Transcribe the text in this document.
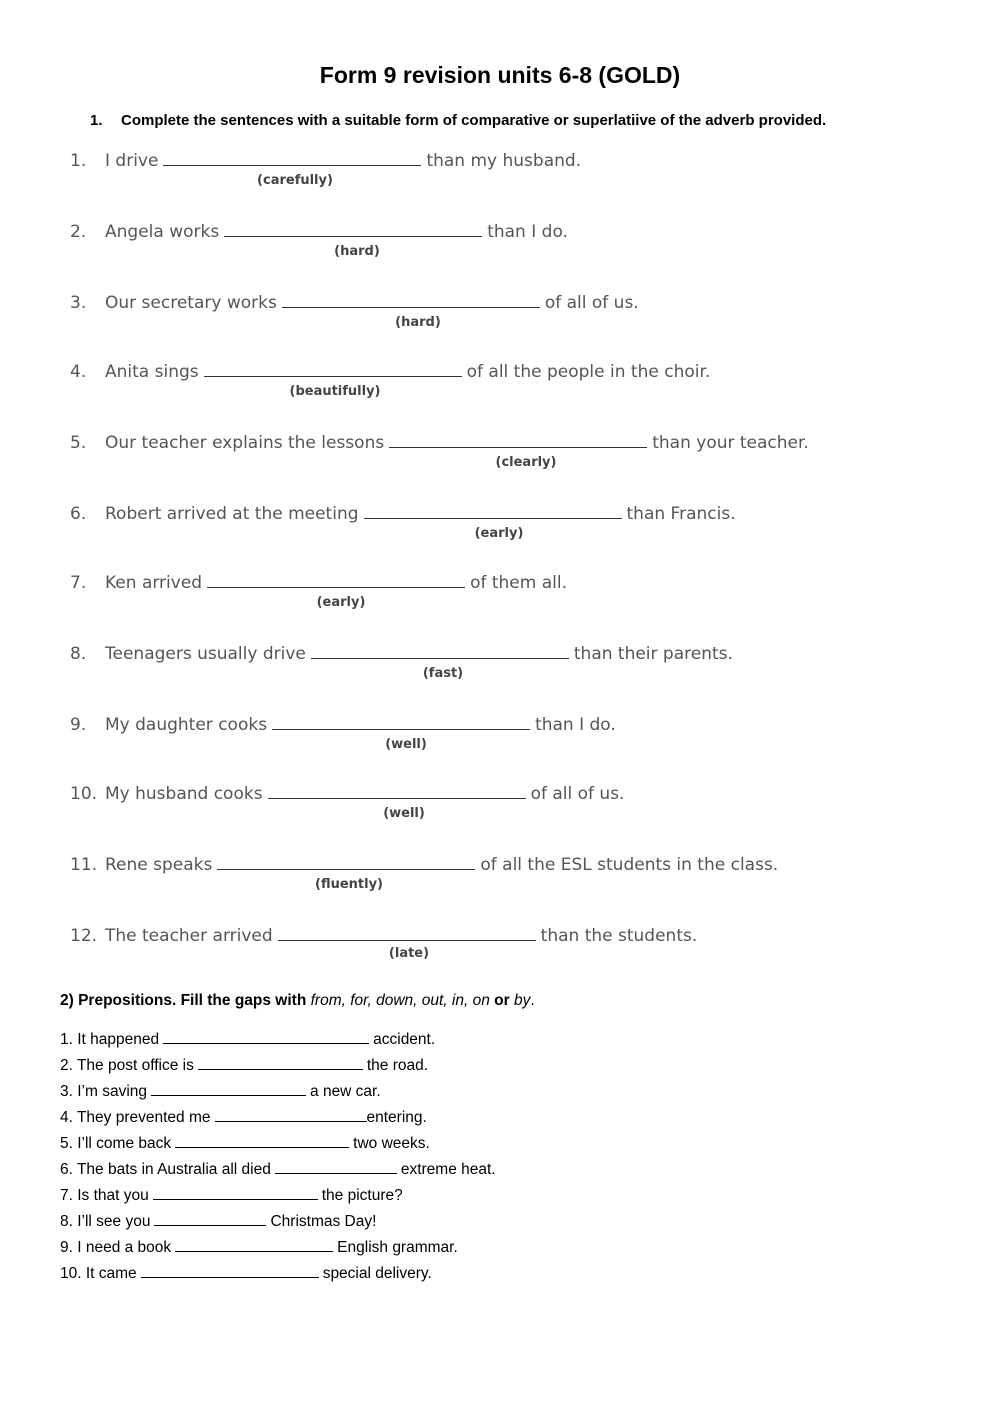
Form 9 revision units 6-8 (GOLD)
1. Complete the sentences with a suitable form of comparative or superlatiive of the adverb provided.
1. I drive	than my husband.
(carefully)
2. Angela works	than I do.
(hard)
3. Our secretary works	of all of us.
(hard)
4. Anita sings	of all the people in the choir.
(beautifully)
5. Our teacher explains the lessons	than your teacher.
(clearly)
6. Robert arrived at the meeting	than Francis.
(early)
7. Ken arrived	of them all.
(early)
8. Teenagers usually drive	than their parents.
(fast)
9. My daughter cooks	than I do.
(well)
10. My husband cooks	of all of us.
(well)
11. Rene speaks	of all the ESL students in the class.
(fluently)
12. The teacher arrived	than the students.
(late)
2) Prepositions. Fill the gaps with from, for, down, out, in, on or by.
1. It happened	accident.
2. The post office is	the road.
3. I’m saving	a new car.
4. They prevented me	entering.
5. I’ll come back	two weeks.
6. The bats in Australia all died	extreme heat.
7. Is that you	the picture?
8. I’ll see you	Christmas Day!
9. I need a book	English grammar.
10. It came	special delivery.
